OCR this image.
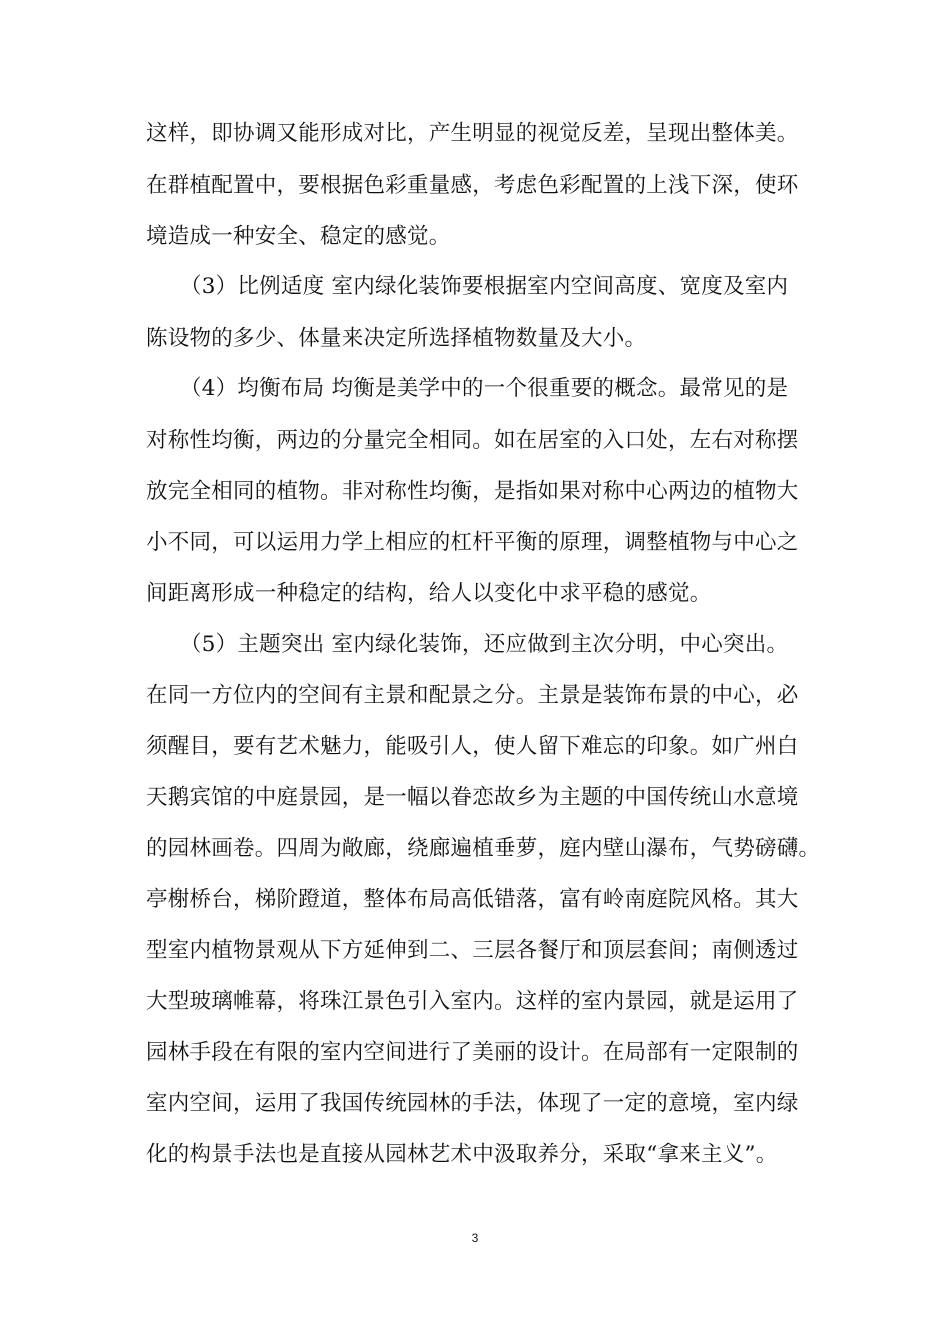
这样，即协调又能形成对比，产生明显的视觉反差，呈现出整体美。
在群植配置中，要根据色彩重量感，考虑色彩配置的上浅下深，使环
境造成一种安全、稳定的感觉。
（3）比例适度 室内绿化装饰要根据室内空间高度、宽度及室内
陈设物的多少、体量来决定所选择植物数量及大小。
（4）均衡布局 均衡是美学中的一个很重要的概念。最常见的是
对称性均衡，两边的分量完全相同。如在居室的入口处，左右对称摆
放完全相同的植物。非对称性均衡，是指如果对称中心两边的植物大
小不同，可以运用力学上相应的杠杆平衡的原理，调整植物与中心之
间距离形成一种稳定的结构，给人以变化中求平稳的感觉。
（5）主题突出 室内绿化装饰，还应做到主次分明，中心突出。
在同一方位内的空间有主景和配景之分。主景是装饰布景的中心，必
须醒目，要有艺术魅力，能吸引人，使人留下难忘的印象。如广州白
天鹅宾馆的中庭景园，是一幅以眷恋故乡为主题的中国传统山水意境
的园林画卷。四周为敞廊，绕廊遍植垂萝，庭内壁山瀑布，气势磅礴。
亭榭桥台，梯阶蹬道，整体布局高低错落，富有岭南庭院风格。其大
型室内植物景观从下方延伸到二、三层各餐厅和顶层套间；南侧透过
大型玻璃帷幕，将珠江景色引入室内。这样的室内景园，就是运用了
园林手段在有限的室内空间进行了美丽的设计。在局部有一定限制的
室内空间，运用了我国传统园林的手法，体现了一定的意境，室内绿
化的构景手法也是直接从园林艺术中汲取养分，采取“拿来主义”。
3
